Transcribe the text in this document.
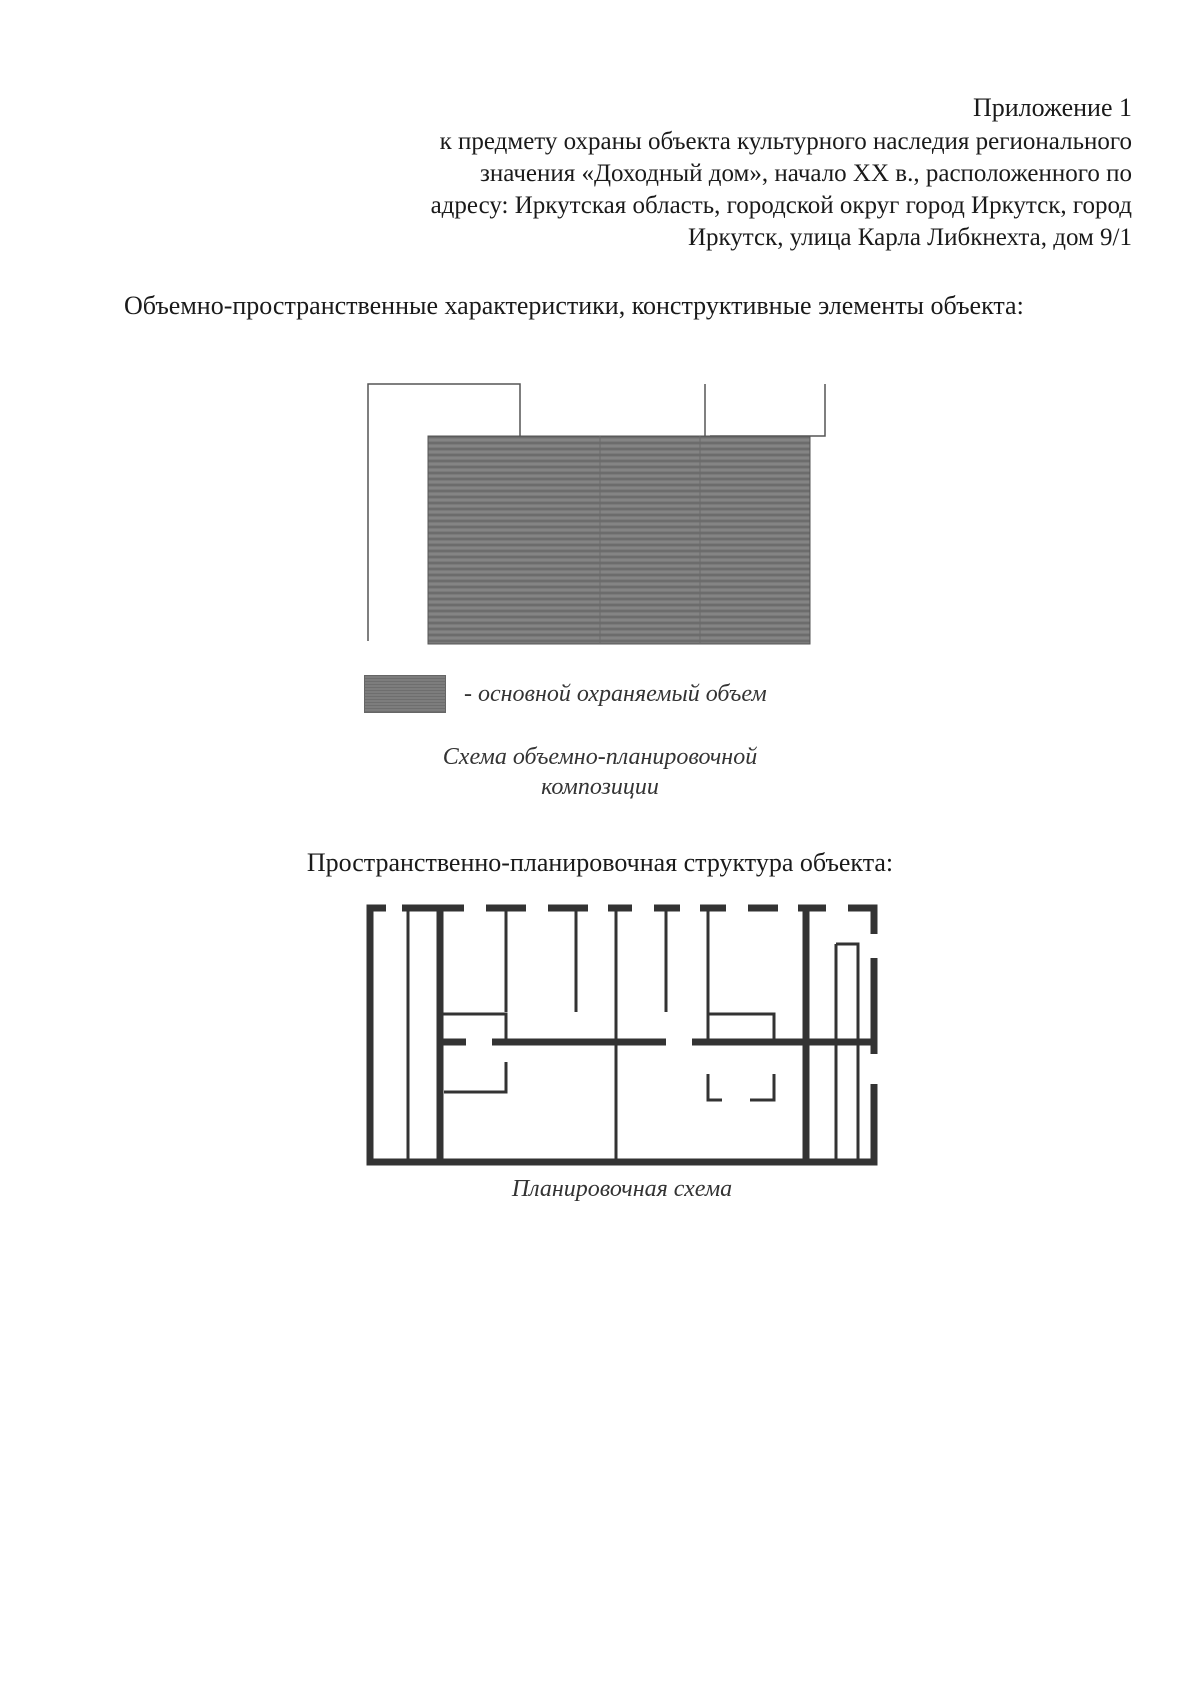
Приложение 1
к предмету охраны объекта культурного наследия регионального
значения «Доходный дом», начало XX в., расположенного по
адресу: Иркутская область, городской округ город Иркутск, город
Иркутск, улица Карла Либкнехта, дом 9/1
Объемно-пространственные характеристики, конструктивные элементы объекта:
- основной охраняемый объем
Схема объемно-планировочной
композиции
Пространственно-планировочная структура объекта:
Планировочная схема
